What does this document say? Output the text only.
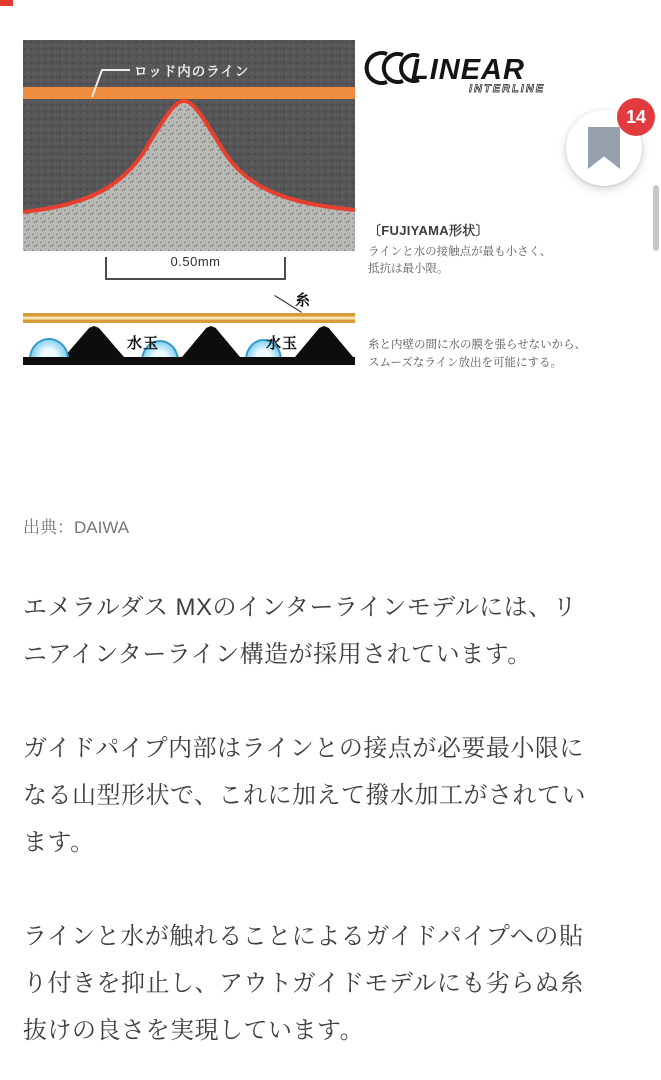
ロッド内のライン
0.50mm
糸
水玉	水玉
LINEAR
INTERLINE
〔FUJIYAMA形状〕
ラインと水の接触点が最も小さく、
抵抗は最小限。
糸と内壁の間に水の膜を張らせないから、
スムーズなライン放出を可能にする。
14
出典：DAIWA

エメラルダス MXのインターラインモデルには、リ
ニアインターライン構造が採用されています。

ガイドパイプ内部はラインとの接点が必要最小限に
なる山型形状で、これに加えて撥水加工がされてい
ます。

ラインと水が触れることによるガイドパイプへの貼
り付きを抑止し、アウトガイドモデルにも劣らぬ糸
抜けの良さを実現しています。
